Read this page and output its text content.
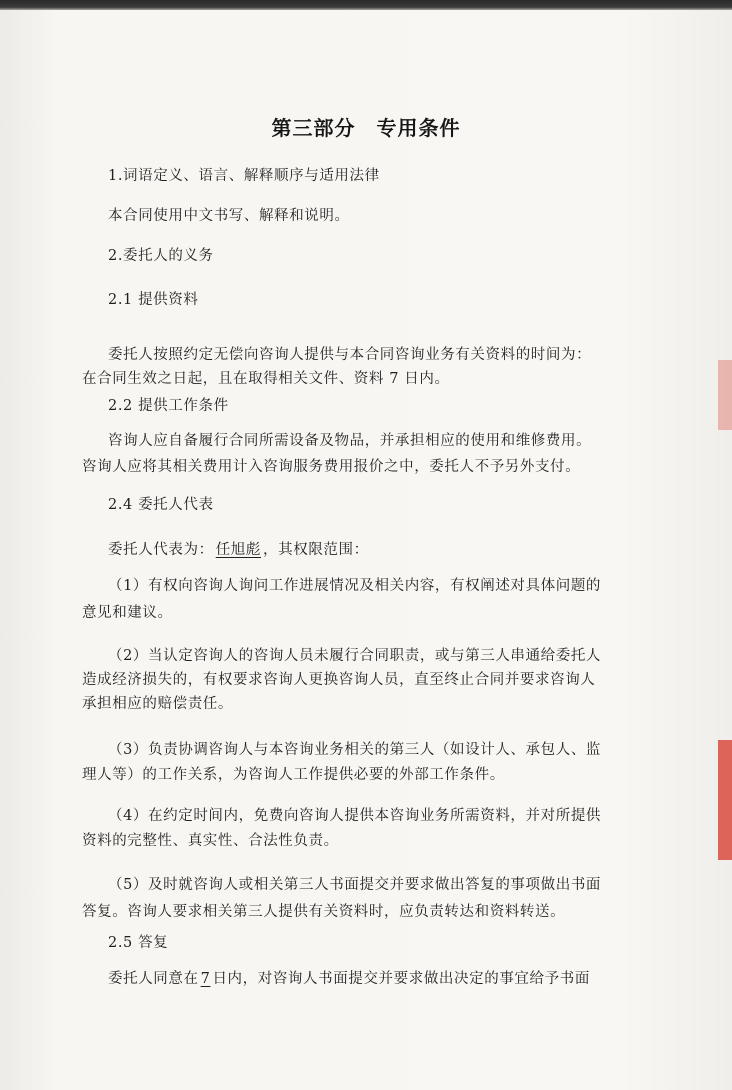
第三部分　专用条件
1.词语定义、语言、解释顺序与适用法律
本合同使用中文书写、解释和说明。
2.委托人的义务
2.1 提供资料
委托人按照约定无偿向咨询人提供与本合同咨询业务有关资料的时间为：
在合同生效之日起，且在取得相关文件、资料 7 日内。
2.2 提供工作条件
咨询人应自备履行合同所需设备及物品，并承担相应的使用和维修费用。
咨询人应将其相关费用计入咨询服务费用报价之中，委托人不予另外支付。
2.4 委托人代表
委托人代表为： 任旭彪 ，其权限范围：
（1）有权向咨询人询问工作进展情况及相关内容，有权阐述对具体问题的
意见和建议。
（2）当认定咨询人的咨询人员未履行合同职责，或与第三人串通给委托人
造成经济损失的，有权要求咨询人更换咨询人员，直至终止合同并要求咨询人
承担相应的赔偿责任。
（3）负责协调咨询人与本咨询业务相关的第三人（如设计人、承包人、监
理人等）的工作关系，为咨询人工作提供必要的外部工作条件。
（4）在约定时间内，免费向咨询人提供本咨询业务所需资料，并对所提供
资料的完整性、真实性、合法性负责。
（5）及时就咨询人或相关第三人书面提交并要求做出答复的事项做出书面
答复。咨询人要求相关第三人提供有关资料时，应负责转达和资料转送。
2.5 答复
委托人同意在 7 日内，对咨询人书面提交并要求做出决定的事宜给予书面
